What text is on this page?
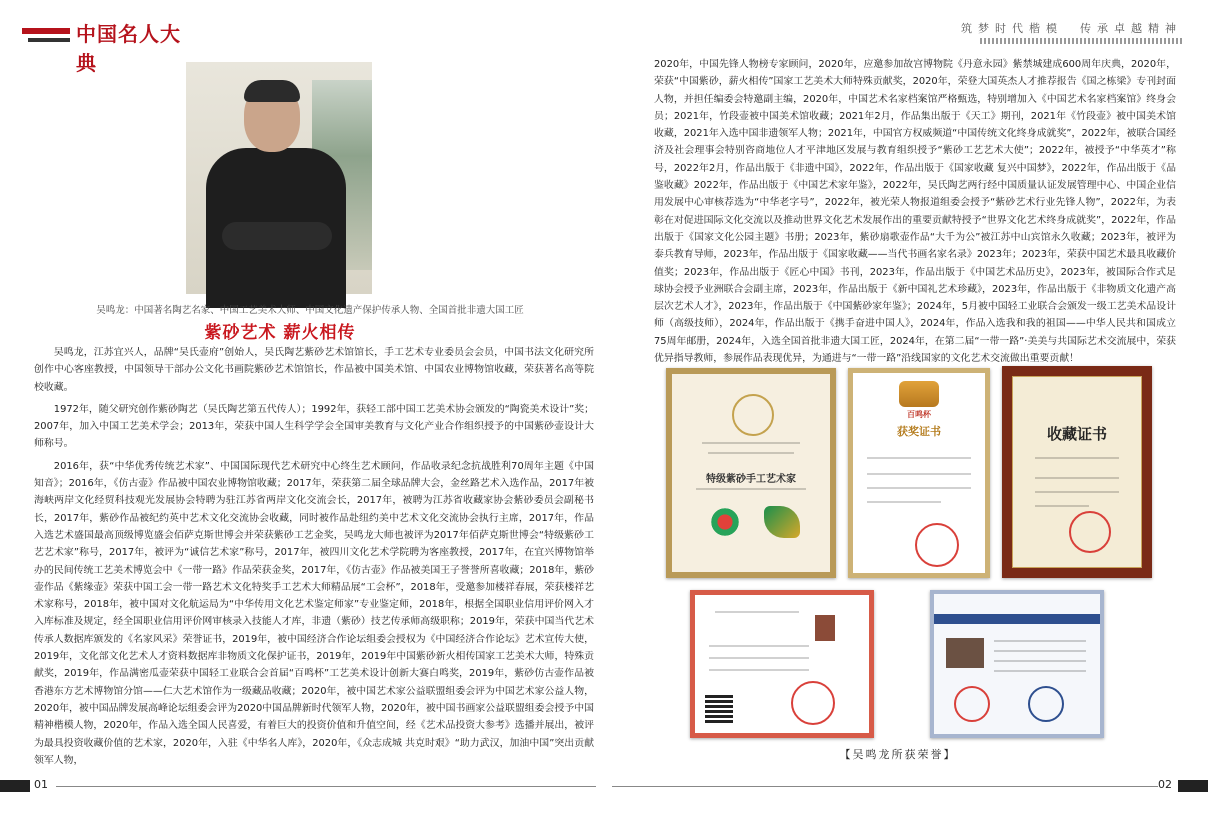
中国名人大典
筑梦时代楷模　传承卓越精神
吴鸣龙：中国著名陶艺名家、中国工艺美术大师、中国文化遗产保护传承人物、全国首批非遗大国工匠
紫砂艺术 薪火相传

吴鸣龙，江苏宜兴人，品牌“吴氏壶府”创始人，吴氏陶艺紫砂艺术馆馆长，手工艺术专业委员会会员，中国书法文化研究所创作中心客座教授，中国领导干部办公文化书画院紫砂艺术馆馆长，作品被中国美术馆、中国农业博物馆收藏，荣获著名高等院校收藏。

1972年，随父研究创作紫砂陶艺（吴氏陶艺第五代传人）；1992年，获轻工部中国工艺美术协会颁发的“陶瓷美术设计”奖；2007年，加入中国工艺美术学会；2013年，荣获中国人生科学学会全国审美教育与文化产业合作组织授予的中国紫砂壶设计大师称号。

2016年，获“中华优秀传统艺术家”、中国国际现代艺术研究中心终生艺术顾问，作品收录纪念抗战胜利70周年主题《中国知音》；2016年，《仿古壶》作品被中国农业博物馆收藏；2017年，荣获第二届全球品牌大会，金丝路艺术入选作品，2017年被海峡两岸文化经贸科技观光发展协会特聘为驻江苏省两岸文化交流会长，2017年，被聘为江苏省收藏家协会紫砂委员会副秘书长，2017年，紫砂作品被纪约英中艺术文化交流协会收藏，同时被作品赴纽约美中艺术文化交流协会执行主席，2017年，作品入选艺术盛国最高顶级博览盛会佰萨克斯世博会并荣获紫砂工艺金奖，吴鸣龙大师也被评为2017年佰萨克斯世博会“特级紫砂工艺艺术家”称号，2017年，被评为“诚信艺术家”称号，2017年，被四川文化艺术学院聘为客座教授，2017年，在宜兴博物馆举办的民间传统工艺美术博览会中《一带一路》作品荣获金奖，2017年，《仿古壶》作品被美国王子誉誉所喜收藏；2018年，紫砂壶作品《紫缘壶》荣获中国工会一带一路艺术文化特奖手工艺术大师精品展“工会杯”，2018年，受邀参加楼祥春展，荣获楼祥艺术家称号，2018年，被中国对文化航运局为“中华传用文化艺术鉴定师家”专业鉴定师，2018年，根据全国职业信用评价网入才入库标准及规定，经全国职业信用评价网审核录入技能人才库，非遗（紫砂）技艺传承师高级职称；2019年，荣获中国当代艺术传承人数据库颁发的《名家风采》荣誉证书，2019年，被中国经济合作论坛组委会授权为《中国经济合作论坛》艺术宣传大使，2019年，文化部文化艺术人才资料数据库非物质文化保护证书，2019年，2019年中国紫砂新火相传国家工艺美术大师，特殊贡献奖，2019年，作品满密瓜壶荣获中国轻工业联合会首届“百鸣杯”工艺美术设计创新大赛白鸣奖，2019年，紫砂仿古壶作品被香港东方艺术博物馆分馆——仁大艺术馆作为一级藏品收藏；2020年，被中国艺术家公益联盟组委会评为中国艺术家公益人物，2020年，被中国品牌发展高峰论坛组委会评为2020中国品牌新时代领军人物，2020年，被中国书画家公益联盟组委会授予中国精神楷模人物，2020年，作品入选全国人民喜爱，有着巨大的投资价值和升值空间，经《艺术品投资大参考》选播并展出，被评为最具投资收藏价值的艺术家，2020年，入驻《中华名人库》，2020年，《众志成城 共克时艰》“助力武汉，加油中国”突出贡献领军人物，

2020年，中国先锋人物榜专家顾问，2020年，应邀参加故宫博物院《丹意永园》紫禁城建成600周年庆典，2020年，荣获“中国紫砂，薪火相传”国家工艺美术大师特殊贡献奖，2020年，荣登大国英杰人才推荐报告《国之栋梁》专刊封面人物，并担任编委会特邀副主编，2020年，中国艺术名家档案馆严格甄选，特别增加入《中国艺术名家档案馆》终身会员；2021年，竹段壶被中国美术馆收藏；2021年2月，作品集出版于《天工》期刊，2021年《竹段壶》被中国美术馆收藏，2021年入选中国非遗领军人物；2021年，中国官方权威频道“中国传统文化终身成就奖”，2022年，被联合国经济及社会理事会特别咨商地位人才平津地区发展与教育组织授予“紫砂工艺艺术大使”；2022年，被授予“中华英才”称号，2022年2月，作品出版于《非遗中国》，2022年，作品出版于《国家收藏 复兴中国梦》，2022年，作品出版于《品鉴收藏》2022年，作品出版于《中国艺术家年鉴》，2022年，吴氏陶艺两行经中国质量认证发展管理中心、中国企业信用发展中心审核荐选为“中华老字号”，2022年，被光荣人物报道组委会授予“紫砂艺术行业先锋人物”，2022年，为表彰在对促进国际文化交流以及推动世界文化艺术发展作出的重要贡献特授予“世界文化艺术终身成就奖”，2022年，作品出版于《国家文化公园主题》书册；2023年，紫砂扇歌壶作品“大千为公”被江苏中山宾馆永久收藏；2023年，被评为泰兵教育导师，2023年，作品出版于《国家收藏——当代书画名家名录》2023年；2023年，荣获中国艺术最具收藏价值奖；2023年，作品出版于《匠心中国》书刊，2023年，作品出版于《中国艺术品历史》，2023年，被国际合作式足球协会授予业洲联合会副主席，2023年，作品出版于《新中国礼艺术珍藏》，2023年，作品出版于《非物质文化遗产高层次艺术人才》，2023年，作品出版于《中国紫砂家年鉴》；2024年，5月被中国轻工业联合会颁发一级工艺美术品设计师（高级技师），2024年，作品出版于《携手奋进中国人》，2024年，作品入选我和我的祖国——中华人民共和国成立75周年邮册，2024年，入选全国首批非遗大国工匠，2024年，在第二届“一带一路”·美美与共国际艺术交流展中，荣获优异指导教师，参展作品表现优异，为通进与“一带一路”沿线国家的文化艺术交流做出重要贡献！
特级紫砂手工艺术家
百鸣杯
获奖证书	收藏证书
【吴鸣龙所获荣誉】
01	02
